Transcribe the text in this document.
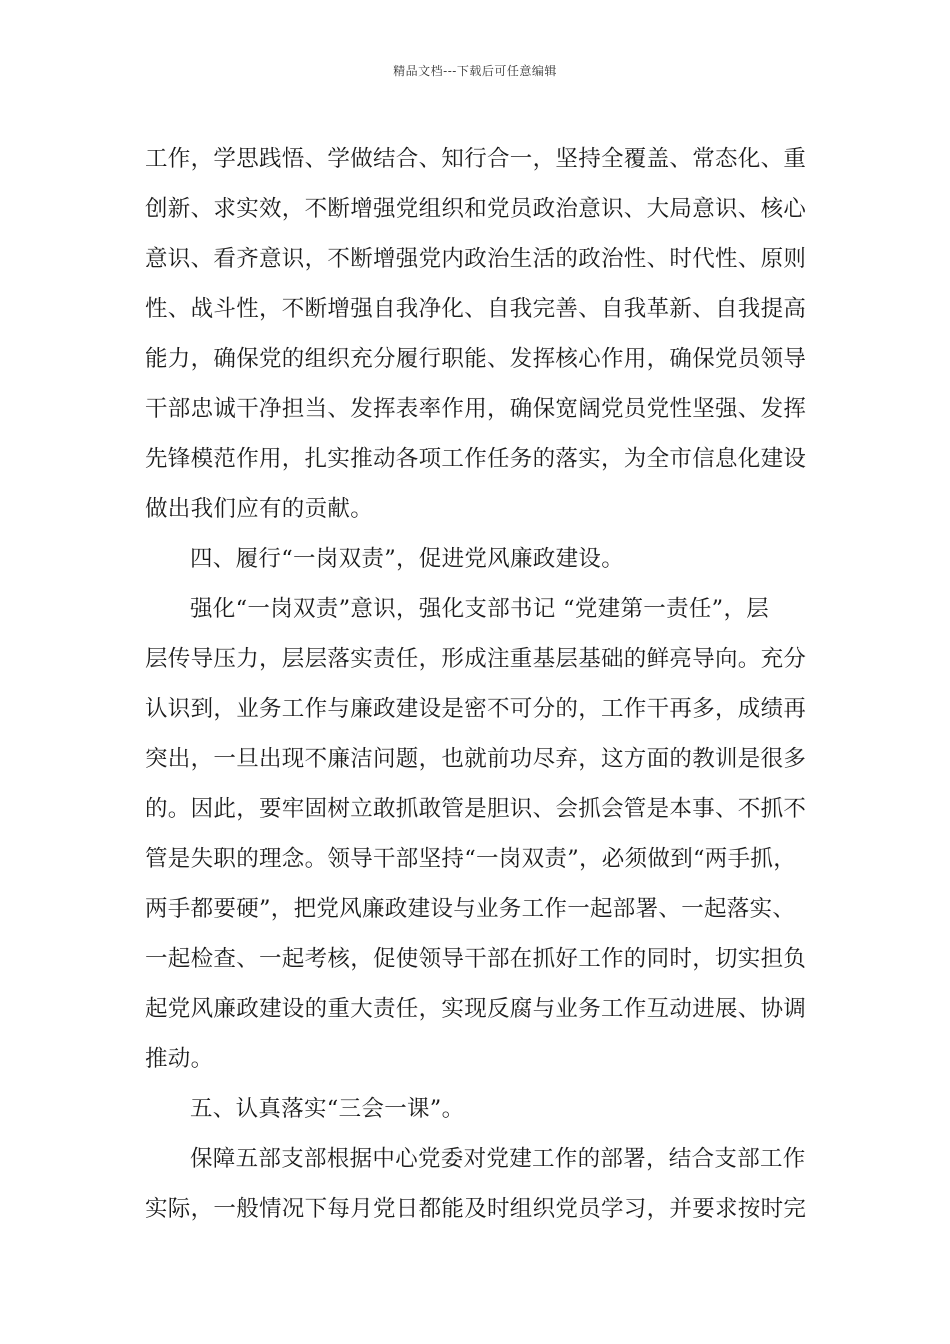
精品文档---下载后可任意编辑
工作，学思践悟、学做结合、知行合一，坚持全覆盖、常态化、重
创新、求实效，不断增强党组织和党员政治意识、大局意识、核心
意识、看齐意识，不断增强党内政治生活的政治性、时代性、原则
性、战斗性，不断增强自我净化、自我完善、自我革新、自我提高
能力，确保党的组织充分履行职能、发挥核心作用，确保党员领导
干部忠诚干净担当、发挥表率作用，确保宽阔党员党性坚强、发挥
先锋模范作用，扎实推动各项工作任务的落实，为全市信息化建设
做出我们应有的贡献。
四、履行“一岗双责”，促进党风廉政建设。
强化“一岗双责”意识，强化支部书记 “党建第一责任”，层
层传导压力，层层落实责任，形成注重基层基础的鲜亮导向。充分
认识到，业务工作与廉政建设是密不可分的，工作干再多，成绩再
突出，一旦出现不廉洁问题，也就前功尽弃，这方面的教训是很多
的。因此，要牢固树立敢抓敢管是胆识、会抓会管是本事、不抓不
管是失职的理念。领导干部坚持“一岗双责”，必须做到“两手抓，
两手都要硬”，把党风廉政建设与业务工作一起部署、一起落实、
一起检查、一起考核，促使领导干部在抓好工作的同时，切实担负
起党风廉政建设的重大责任，实现反腐与业务工作互动进展、协调
推动。
五、认真落实“三会一课”。
保障五部支部根据中心党委对党建工作的部署，结合支部工作
实际，一般情况下每月党日都能及时组织党员学习，并要求按时完
